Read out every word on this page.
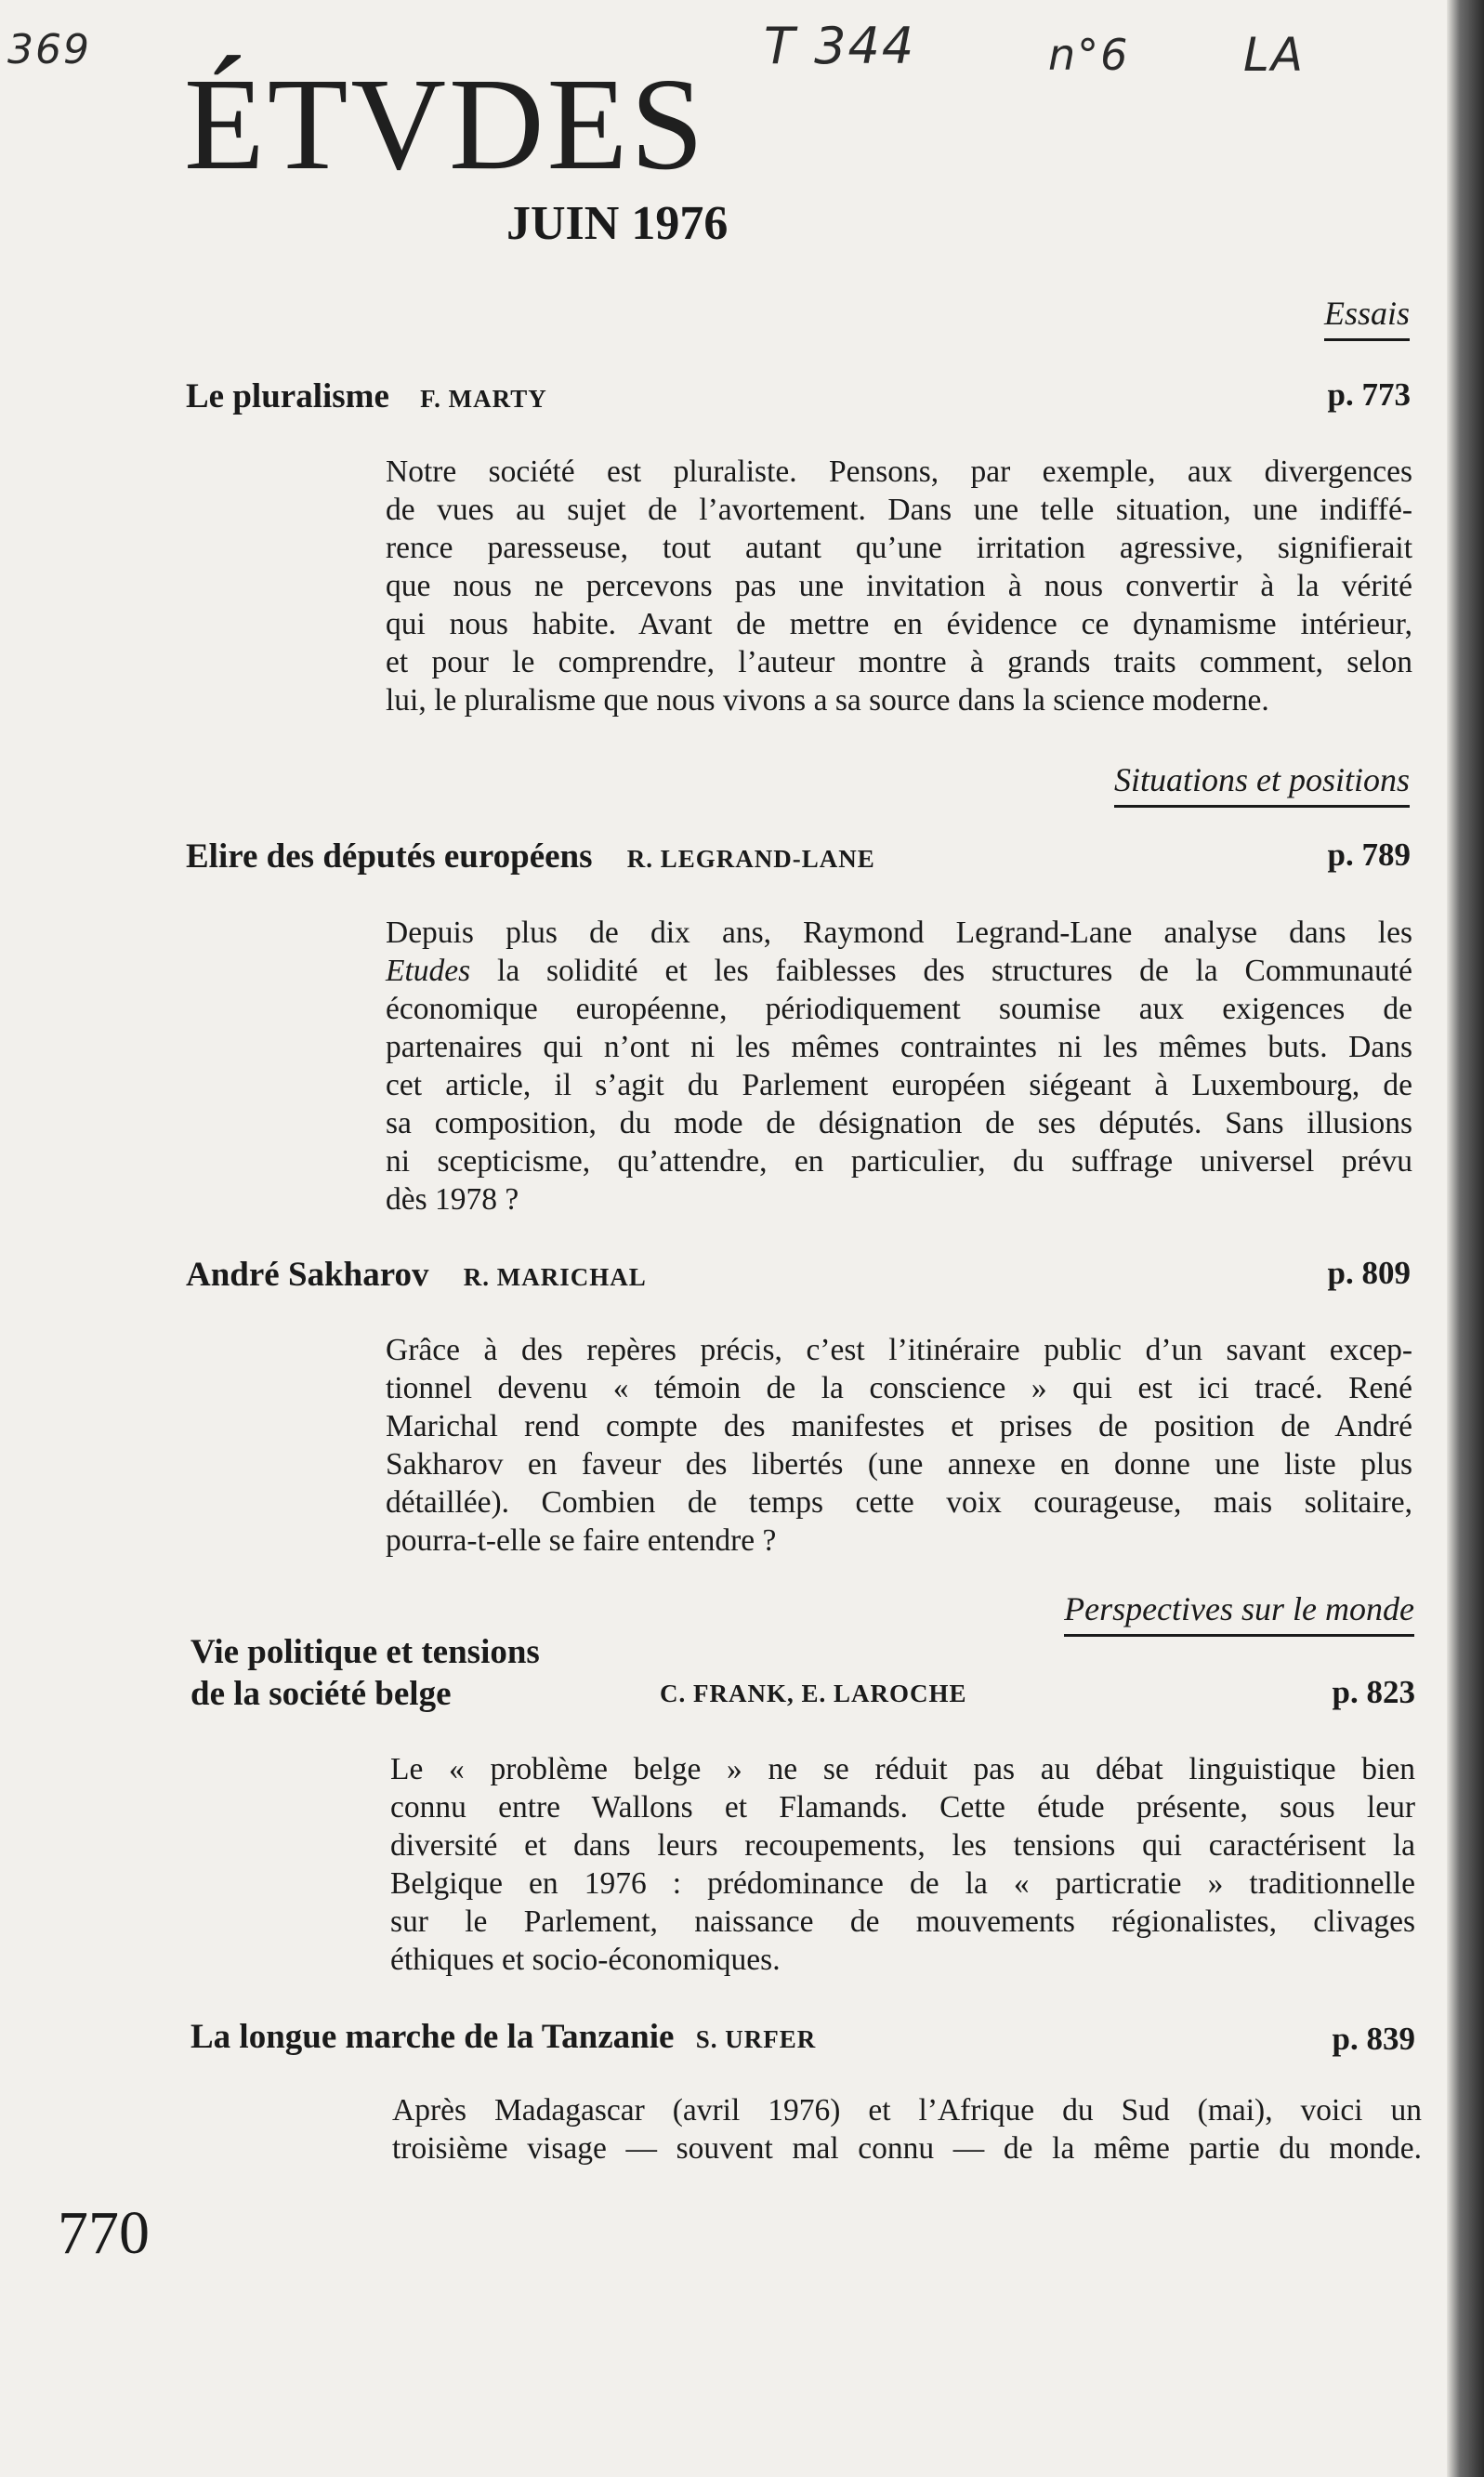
369	T 344	n°6 LA
ÉTVDES
JUIN 1976
Essais
Le pluralisme F. MARTY	p. 773
Notre société est pluraliste. Pensons, par exemple, aux divergences
de vues au sujet de l’avortement. Dans une telle situation, une indiffé-
rence paresseuse, tout autant qu’une irritation agressive, signifierait
que nous ne percevons pas une invitation à nous convertir à la vérité
qui nous habite. Avant de mettre en évidence ce dynamisme intérieur,
et pour le comprendre, l’auteur montre à grands traits comment, selon
lui, le pluralisme que nous vivons a sa source dans la science moderne.
Situations et positions
Elire des députés européens R. LEGRAND-LANE	p. 789
Depuis plus de dix ans, Raymond Legrand-Lane analyse dans les
Etudes la solidité et les faiblesses des structures de la Communauté
économique européenne, périodiquement soumise aux exigences de
partenaires qui n’ont ni les mêmes contraintes ni les mêmes buts. Dans
cet article, il s’agit du Parlement européen siégeant à Luxembourg, de
sa composition, du mode de désignation de ses députés. Sans illusions
ni scepticisme, qu’attendre, en particulier, du suffrage universel prévu
dès 1978 ?
André Sakharov R. MARICHAL	p. 809
Grâce à des repères précis, c’est l’itinéraire public d’un savant excep-
tionnel devenu « témoin de la conscience » qui est ici tracé. René
Marichal rend compte des manifestes et prises de position de André
Sakharov en faveur des libertés (une annexe en donne une liste plus
détaillée). Combien de temps cette voix courageuse, mais solitaire,
pourra-t-elle se faire entendre ?
Perspectives sur le monde
Vie politique et tensions
de la société belge	C. FRANK, E. LAROCHE	p. 823
Le « problème belge » ne se réduit pas au débat linguistique bien
connu entre Wallons et Flamands. Cette étude présente, sous leur
diversité et dans leurs recoupements, les tensions qui caractérisent la
Belgique en 1976 : prédominance de la « particratie » traditionnelle
sur le Parlement, naissance de mouvements régionalistes, clivages
éthiques et socio-économiques.
La longue marche de la Tanzanie S. URFER	p. 839
Après Madagascar (avril 1976) et l’Afrique du Sud (mai), voici un
troisième visage — souvent mal connu — de la même partie du monde.
770
